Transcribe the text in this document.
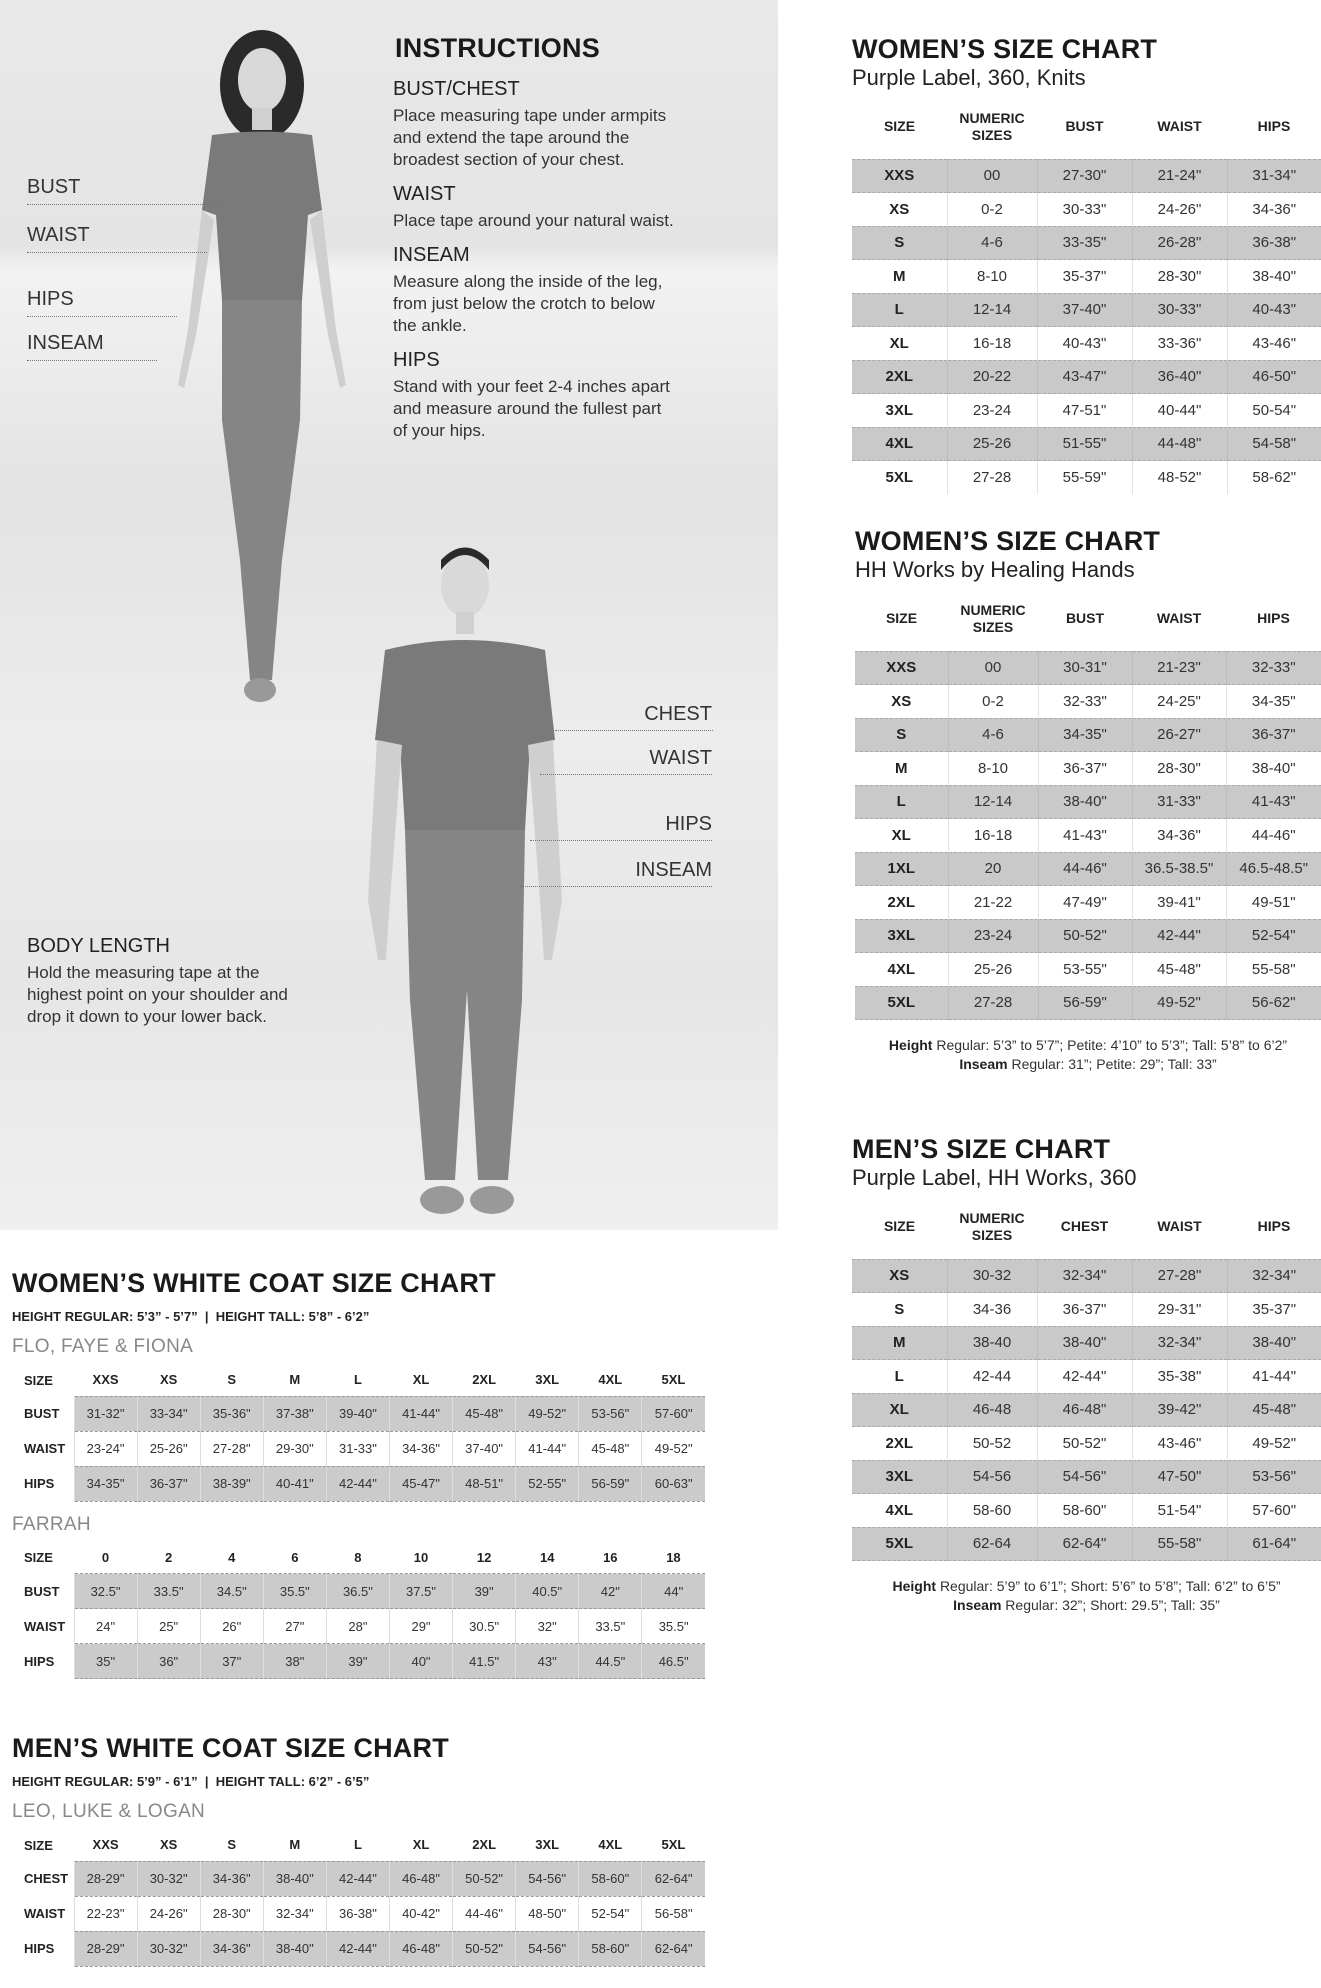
INSTRUCTIONS
BUST/CHEST
Place measuring tape under armpits
and extend the tape around the
broadest section of your chest.
WAIST
Place tape around your natural waist.
INSEAM
Measure along the inside of the leg,
from just below the crotch to below
the ankle.
HIPS
Stand with your feet 2-4 inches apart
and measure around the fullest part
of your hips.
BUST
WAIST
HIPS
INSEAM
CHEST
WAIST
HIPS
INSEAM
BODY LENGTH
Hold the measuring tape at the
highest point on your shoulder and
drop it down to your lower back.
WOMEN’S SIZE CHART
Purple Label, 360, Knits
SIZE	NUMERIC SIZES	BUST	WAIST	HIPS
XXS	00	27-30"	21-24"	31-34"
XS	0-2	30-33"	24-26"	34-36"
S	4-6	33-35"	26-28"	36-38"
M	8-10	35-37"	28-30"	38-40"
L	12-14	37-40"	30-33"	40-43"
XL	16-18	40-43"	33-36"	43-46"
2XL	20-22	43-47"	36-40"	46-50"
3XL	23-24	47-51"	40-44"	50-54"
4XL	25-26	51-55"	44-48"	54-58"
5XL	27-28	55-59"	48-52"	58-62"
WOMEN’S SIZE CHART
HH Works by Healing Hands
SIZE	NUMERIC SIZES	BUST	WAIST	HIPS
XXS	00	30-31"	21-23"	32-33"
XS	0-2	32-33"	24-25"	34-35"
S	4-6	34-35"	26-27"	36-37"
M	8-10	36-37"	28-30"	38-40"
L	12-14	38-40"	31-33"	41-43"
XL	16-18	41-43"	34-36"	44-46"
1XL	20	44-46"	36.5-38.5"	46.5-48.5"
2XL	21-22	47-49"	39-41"	49-51"
3XL	23-24	50-52"	42-44"	52-54"
4XL	25-26	53-55"	45-48"	55-58"
5XL	27-28	56-59"	49-52"	56-62"
Height Regular: 5’3” to 5’7”; Petite: 4’10” to 5’3”; Tall: 5’8” to 6’2”
Inseam Regular: 31”; Petite: 29”; Tall: 33”
MEN’S SIZE CHART
Purple Label, HH Works, 360
SIZE	NUMERIC SIZES	CHEST	WAIST	HIPS
XS	30-32	32-34"	27-28"	32-34"
S	34-36	36-37"	29-31"	35-37"
M	38-40	38-40"	32-34"	38-40"
L	42-44	42-44"	35-38"	41-44"
XL	46-48	46-48"	39-42"	45-48"
2XL	50-52	50-52"	43-46"	49-52"
3XL	54-56	54-56"	47-50"	53-56"
4XL	58-60	58-60"	51-54"	57-60"
5XL	62-64	62-64"	55-58"	61-64"
Height Regular: 5’9” to 6’1”; Short: 5’6” to 5’8”; Tall: 6’2” to 6’5”
Inseam Regular: 32”; Short: 29.5”; Tall: 35”
WOMEN’S WHITE COAT SIZE CHART
HEIGHT REGULAR: 5’3” - 5’7”  |  HEIGHT TALL: 5’8” - 6’2”
FLO, FAYE & FIONA
SIZE	XXS	XS	S	M	L	XL	2XL	3XL	4XL	5XL
BUST	31-32"	33-34"	35-36"	37-38"	39-40"	41-44"	45-48"	49-52"	53-56"	57-60"
WAIST	23-24"	25-26"	27-28"	29-30"	31-33"	34-36"	37-40"	41-44"	45-48"	49-52"
HIPS	34-35"	36-37"	38-39"	40-41"	42-44"	45-47"	48-51"	52-55"	56-59"	60-63"
FARRAH
SIZE	0	2	4	6	8	10	12	14	16	18
BUST	32.5"	33.5"	34.5"	35.5"	36.5"	37.5"	39"	40.5"	42"	44"
WAIST	24"	25"	26"	27"	28"	29"	30.5"	32"	33.5"	35.5"
HIPS	35"	36"	37"	38"	39"	40"	41.5"	43"	44.5"	46.5"
MEN’S WHITE COAT SIZE CHART
HEIGHT REGULAR: 5’9” - 6’1”  |  HEIGHT TALL: 6’2” - 6’5”
LEO, LUKE & LOGAN
SIZE	XXS	XS	S	M	L	XL	2XL	3XL	4XL	5XL
CHEST	28-29"	30-32"	34-36"	38-40"	42-44"	46-48"	50-52"	54-56"	58-60"	62-64"
WAIST	22-23"	24-26"	28-30"	32-34"	36-38"	40-42"	44-46"	48-50"	52-54"	56-58"
HIPS	28-29"	30-32"	34-36"	38-40"	42-44"	46-48"	50-52"	54-56"	58-60"	62-64"
